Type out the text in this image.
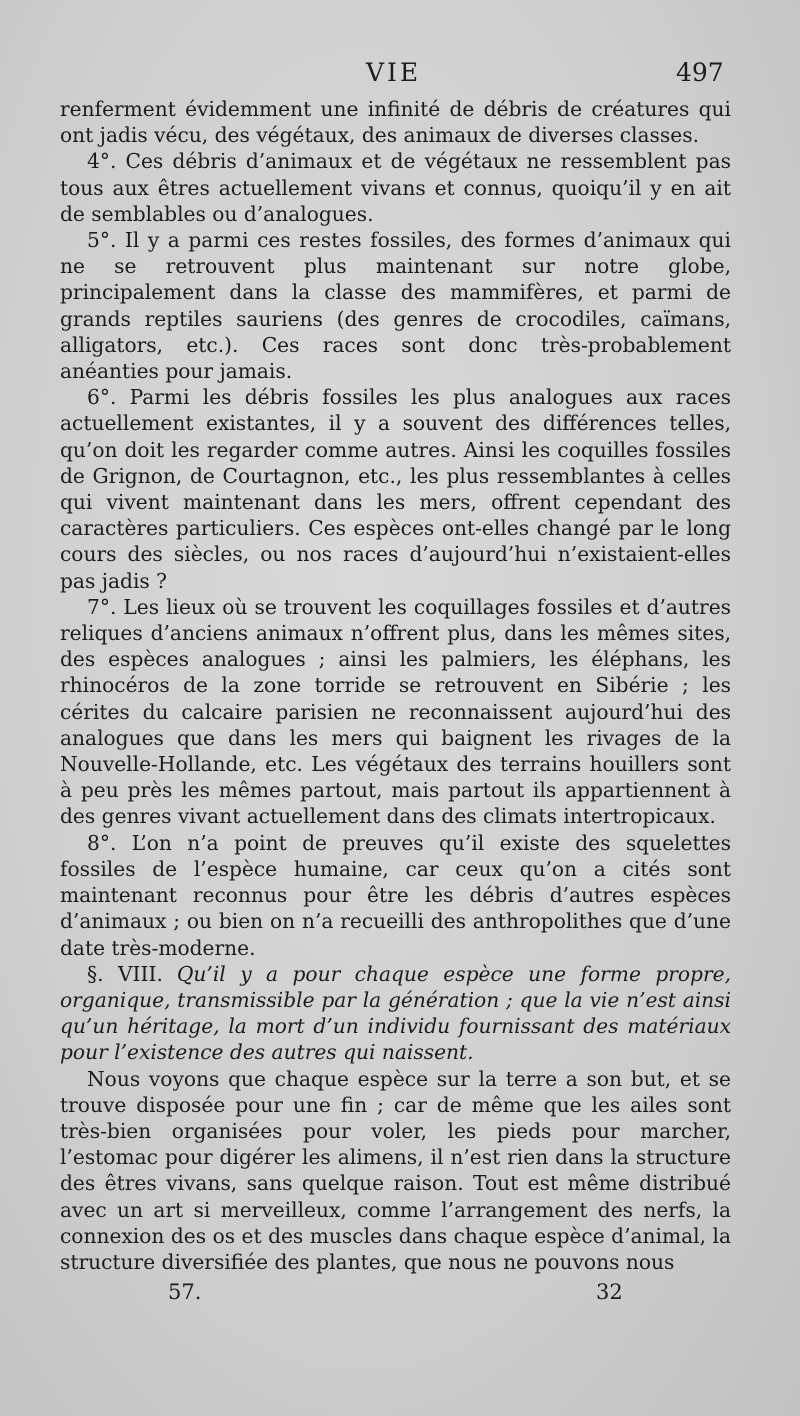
VIE	497

renferment évidemment une infinité de débris de créatures qui ont jadis vécu, des végétaux, des animaux de diverses classes.

4°. Ces débris d’animaux et de végétaux ne ressemblent pas tous aux êtres actuellement vivans et connus, quoiqu’il y en ait de semblables ou d’analogues.

5°. Il y a parmi ces restes fossiles, des formes d’animaux qui ne se retrouvent plus maintenant sur notre globe, principalement dans la classe des mammifères, et parmi de grands reptiles sauriens (des genres de crocodiles, caïmans, alligators, etc.). Ces races sont donc très-probablement anéanties pour jamais.

6°. Parmi les débris fossiles les plus analogues aux races actuellement existantes, il y a souvent des différences telles, qu’on doit les regarder comme autres. Ainsi les coquilles fossiles de Grignon, de Courtagnon, etc., les plus ressemblantes à celles qui vivent maintenant dans les mers, offrent cependant des caractères particuliers. Ces espèces ont-elles changé par le long cours des siècles, ou nos races d’aujourd’hui n’existaient-elles pas jadis ?

7°. Les lieux où se trouvent les coquillages fossiles et d’autres reliques d’anciens animaux n’offrent plus, dans les mêmes sites, des espèces analogues ; ainsi les palmiers, les éléphans, les rhinocéros de la zone torride se retrouvent en Sibérie ; les cérites du calcaire parisien ne reconnaissent aujourd’hui des analogues que dans les mers qui baignent les rivages de la Nouvelle-Hollande, etc. Les végétaux des terrains houillers sont à peu près les mêmes partout, mais partout ils appartiennent à des genres vivant actuellement dans des climats intertropicaux.

8°. L’on n’a point de preuves qu’il existe des squelettes fossiles de l’espèce humaine, car ceux qu’on a cités sont maintenant reconnus pour être les débris d’autres espèces d’animaux ; ou bien on n’a recueilli des anthropolithes que d’une date très-moderne.

§. VIII. Qu’il y a pour chaque espèce une forme propre, organique, transmissible par la génération ; que la vie n’est ainsi qu’un héritage, la mort d’un individu fournissant des matériaux pour l’existence des autres qui naissent.

Nous voyons que chaque espèce sur la terre a son but, et se trouve disposée pour une fin ; car de même que les ailes sont très-bien organisées pour voler, les pieds pour marcher, l’estomac pour digérer les alimens, il n’est rien dans la structure des êtres vivans, sans quelque raison. Tout est même distribué avec un art si merveilleux, comme l’arrangement des nerfs, la connexion des os et des muscles dans chaque espèce d’animal, la structure diversifiée des plantes, que nous ne pouvons nous

57.	32
